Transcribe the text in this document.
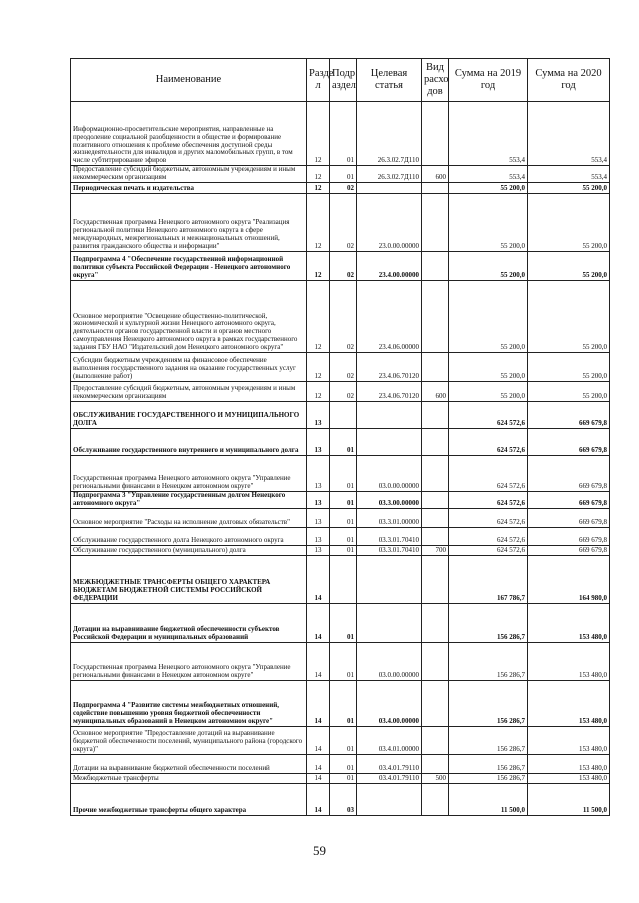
Наименование	Разде л	Подр аздел	Целевая статья	Вид расхо дов	Сумма на 2019 год	Сумма на 2020 год
Информационно-просветительские мероприятия, направленные на преодоление социальной разобщенности в обществе и формирование позитивного отношения к проблеме обеспечения доступной среды жизнедеятельности для инвалидов и других маломобильных групп, в том числе субтитрирование эфиров	12	01	26.3.02.7Д110		553,4	553,4
Предоставление субсидий бюджетным, автономным учреждениям и иным некоммерческим организациям	12	01	26.3.02.7Д110	600	553,4	553,4
Периодическая печать и издательства	12	02			55 200,0	55 200,0
Государственная программа Ненецкого автономного округа "Реализация региональной политики Ненецкого автономного округа в сфере международных, межрегиональных и межнациональных отношений, развития гражданского общества и информации"	12	02	23.0.00.00000		55 200,0	55 200,0
Подпрограмма 4 "Обеспечение государственной информационной политики субъекта Российской Федерации - Ненецкого автономного округа"	12	02	23.4.00.00000		55 200,0	55 200,0
Основное мероприятие "Освещение общественно-политической, экономической и культурной жизни Ненецкого автономного округа, деятельности органов государственной власти и органов местного самоуправления Ненецкого автономного округа в рамках государственного задания ГБУ НАО "Издательский дом Ненецкого автономного округа"	12	02	23.4.06.00000		55 200,0	55 200,0
Субсидии бюджетным учреждениям на финансовое обеспечение выполнения государственного задания на оказание государственных услуг (выполнение работ)	12	02	23.4.06.70120		55 200,0	55 200,0
Предоставление субсидий бюджетным, автономным учреждениям и иным некоммерческим организациям	12	02	23.4.06.70120	600	55 200,0	55 200,0
ОБСЛУЖИВАНИЕ ГОСУДАРСТВЕННОГО И МУНИЦИПАЛЬНОГО ДОЛГА	13				624 572,6	669 679,8
Обслуживание государственного внутреннего и муниципального долга	13	01			624 572,6	669 679,8
Государственная программа Ненецкого автономного округа "Управление региональными финансами в Ненецком автономном округе"	13	01	03.0.00.00000		624 572,6	669 679,8
Подпрограмма 3 "Управление государственным долгом Ненецкого автономного округа"	13	01	03.3.00.00000		624 572,6	669 679,8
Основное мероприятие "Расходы на исполнение долговых обязательств"	13	01	03.3.01.00000		624 572,6	669 679,8
Обслуживание государственного долга Ненецкого автономного округа	13	01	03.3.01.70410		624 572,6	669 679,8
Обслуживание государственного (муниципального) долга	13	01	03.3.01.70410	700	624 572,6	669 679,8
МЕЖБЮДЖЕТНЫЕ ТРАНСФЕРТЫ ОБЩЕГО ХАРАКТЕРА БЮДЖЕТАМ БЮДЖЕТНОЙ СИСТЕМЫ РОССИЙСКОЙ ФЕДЕРАЦИИ	14				167 786,7	164 980,0
Дотации на выравнивание бюджетной обеспеченности субъектов Российской Федерации и муниципальных образований	14	01			156 286,7	153 480,0
Государственная программа Ненецкого автономного округа "Управление региональными финансами в Ненецком автономном округе"	14	01	03.0.00.00000		156 286,7	153 480,0
Подпрограмма 4 "Развитие системы межбюджетных отношений, содействие повышению уровня бюджетной обеспеченности муниципальных образований в Ненецком автономном округе"	14	01	03.4.00.00000		156 286,7	153 480,0
Основное мероприятие "Предоставление дотаций на выравнивание бюджетной обеспеченности поселений, муниципального района (городского округа)"	14	01	03.4.01.00000		156 286,7	153 480,0
Дотации на выравнивание бюджетной обеспеченности поселений	14	01	03.4.01.79110		156 286,7	153 480,0
Межбюджетные трансферты	14	01	03.4.01.79110	500	156 286,7	153 480,0
Прочие межбюджетные трансферты общего характера	14	03			11 500,0	11 500,0
59
